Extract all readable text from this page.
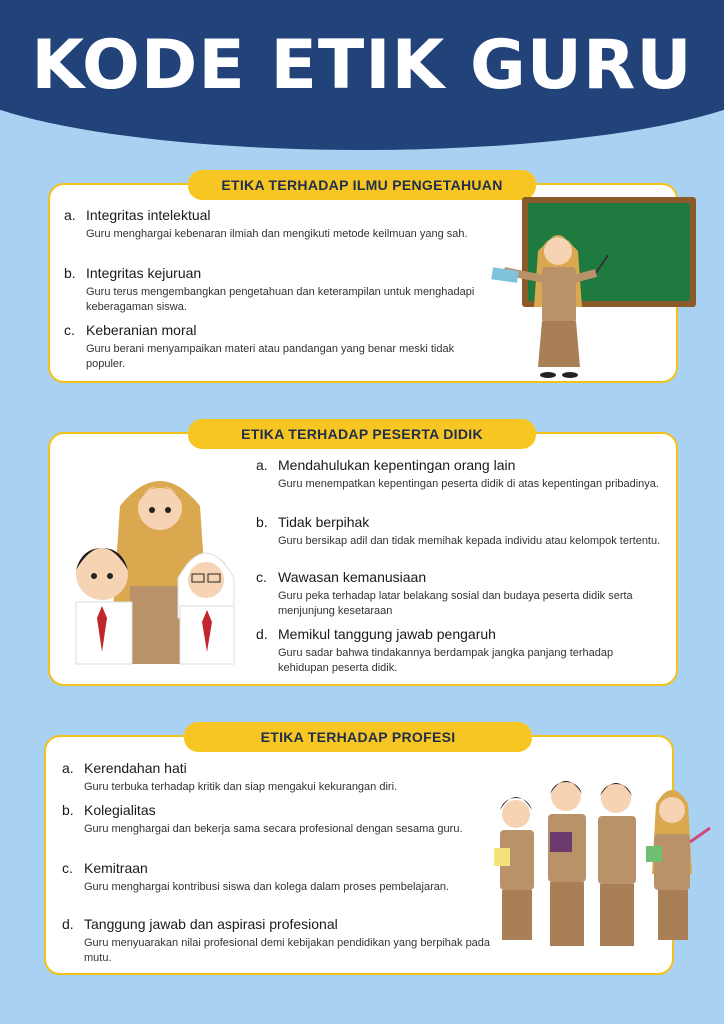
KODE ETIK GURU
ETIKA TERHADAP ILMU PENGETAHUAN
a. Integritas intelektual
Guru menghargai kebenaran ilmiah dan mengikuti metode keilmuan yang sah.
b. Integritas kejuruan
Guru terus mengembangkan pengetahuan dan keterampilan untuk menghadapi keberagaman siswa.
c. Keberanian moral
Guru berani menyampaikan materi atau pandangan yang benar meski tidak populer.
ETIKA TERHADAP PESERTA DIDIK
a. Mendahulukan kepentingan orang lain
Guru menempatkan kepentingan peserta didik di atas kepentingan pribadinya.
b. Tidak berpihak
Guru bersikap adil dan tidak memihak kepada individu atau kelompok tertentu.
c. Wawasan kemanusiaan
Guru peka terhadap latar belakang sosial dan budaya peserta didik serta menjunjung kesetaraan
d. Memikul tanggung jawab pengaruh
Guru sadar bahwa tindakannya berdampak jangka panjang terhadap kehidupan peserta didik.
ETIKA TERHADAP PROFESI
a. Kerendahan hati
Guru terbuka terhadap kritik dan siap mengakui kekurangan diri.
b. Kolegialitas
Guru menghargai dan bekerja sama secara profesional dengan sesama guru.
c. Kemitraan
Guru menghargai kontribusi siswa dan kolega dalam proses pembelajaran.
d. Tanggung jawab dan aspirasi profesional
Guru menyuarakan nilai profesional demi kebijakan pendidikan yang berpihak pada mutu.
